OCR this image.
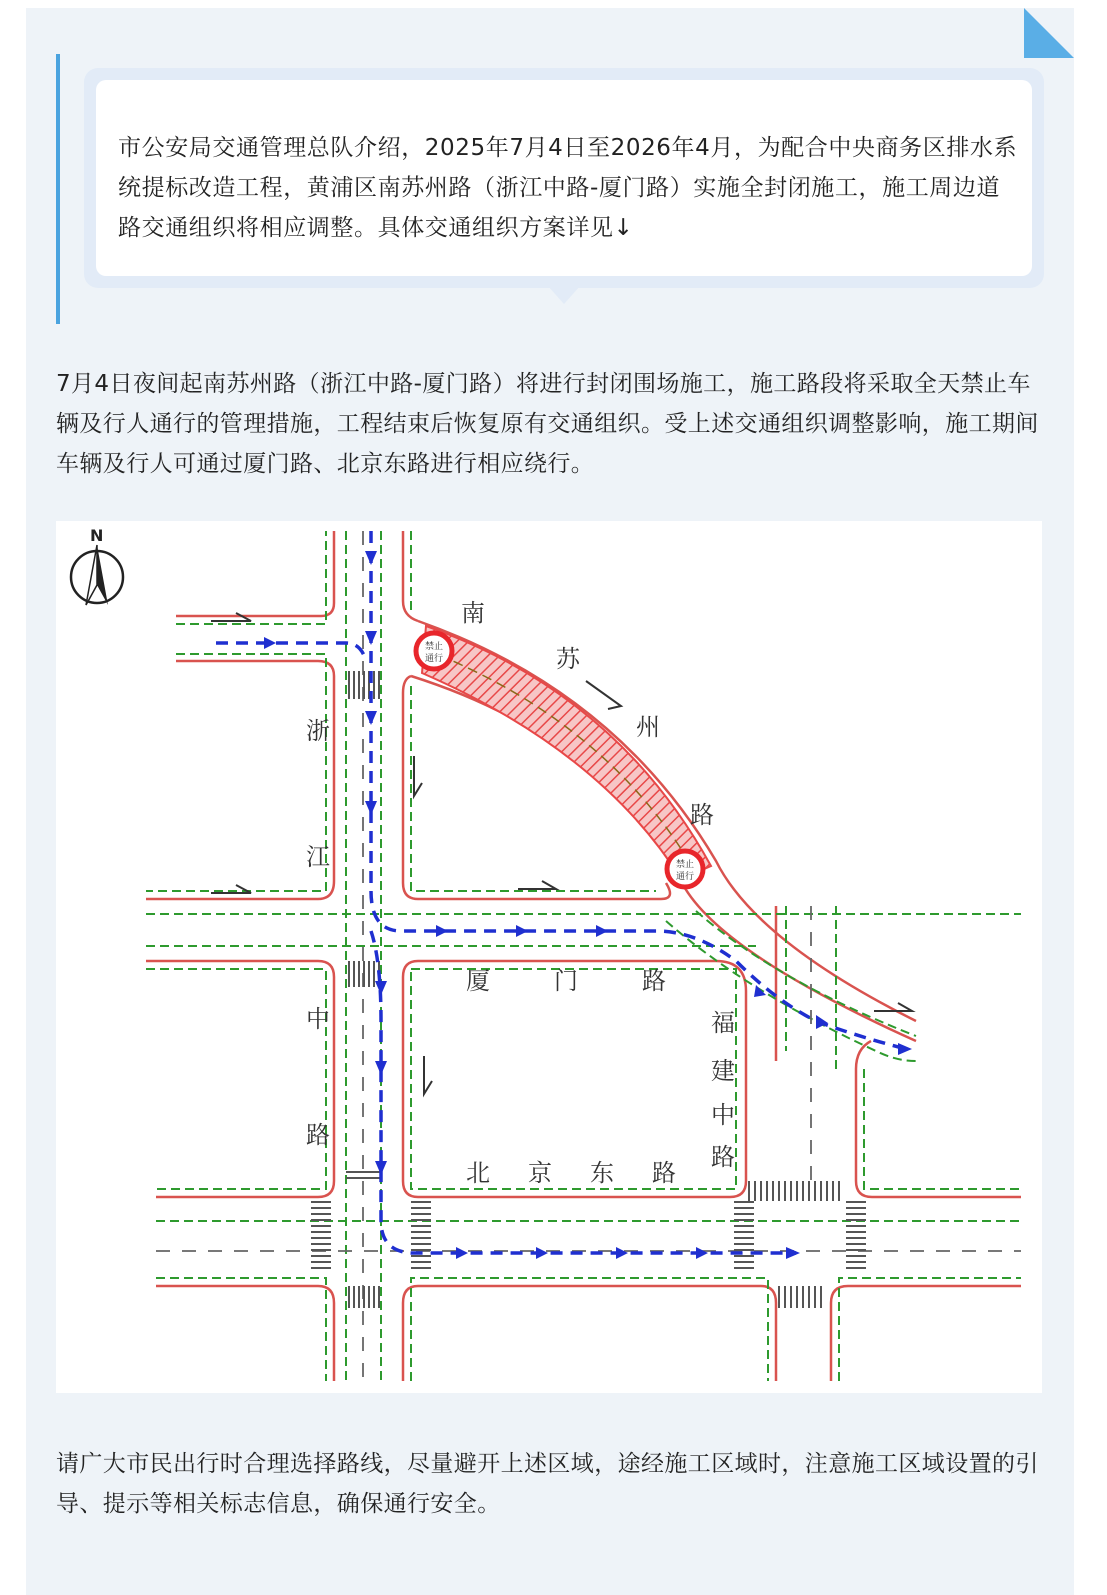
市公安局交通管理总队介绍，2025年7月4日至2026年4月，为配合中央商务区排水系统提标改造工程，黄浦区南苏州路（浙江中路-厦门路）实施全封闭施工，施工周边道路交通组织将相应调整。具体交通组织方案详见↓

7月4日夜间起南苏州路（浙江中路-厦门路）将进行封闭围场施工，施工路段将采取全天禁止车辆及行人通行的管理措施，工程结束后恢复原有交通组织。受上述交通组织调整影响，施工期间车辆及行人可通过厦门路、北京东路进行相应绕行。

N
禁止
通行
禁止
通行
南
苏
州
路
浙
江
中
路
厦	门	路
福
建
中
路
北 京 东 路

请广大市民出行时合理选择路线，尽量避开上述区域，途经施工区域时，注意施工区域设置的引导、提示等相关标志信息，确保通行安全。
